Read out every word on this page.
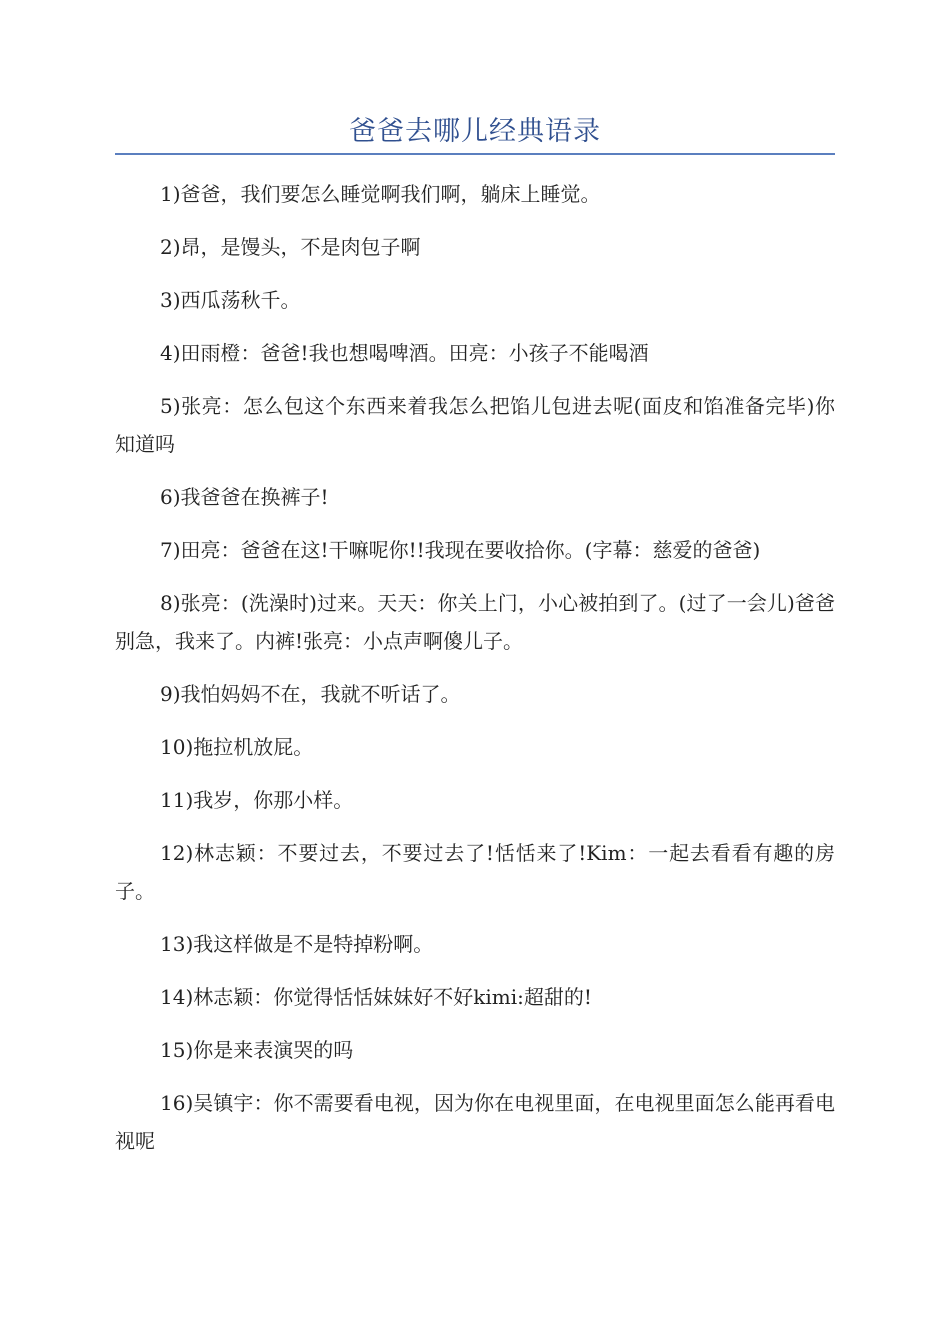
爸爸去哪儿经典语录

1)爸爸，我们要怎么睡觉啊我们啊，躺床上睡觉。

2)昂，是馒头，不是肉包子啊

3)西瓜荡秋千。

4)田雨橙：爸爸!我也想喝啤酒。田亮：小孩子不能喝酒

5)张亮：怎么包这个东西来着我怎么把馅儿包进去呢(面皮和馅准备完毕)你知道吗

6)我爸爸在换裤子!

7)田亮：爸爸在这!干嘛呢你!!我现在要收拾你。(字幕：慈爱的爸爸)

8)张亮：(洗澡时)过来。天天：你关上门，小心被拍到了。(过了一会儿)爸爸别急，我来了。内裤!张亮：小点声啊傻儿子。

9)我怕妈妈不在，我就不听话了。

10)拖拉机放屁。

11)我岁，你那小样。

12)林志颖：不要过去，不要过去了!恬恬来了!Kim：一起去看看有趣的房子。

13)我这样做是不是特掉粉啊。

14)林志颖：你觉得恬恬妹妹好不好kimi:超甜的!

15)你是来表演哭的吗

16)吴镇宇：你不需要看电视，因为你在电视里面，在电视里面怎么能再看电视呢
